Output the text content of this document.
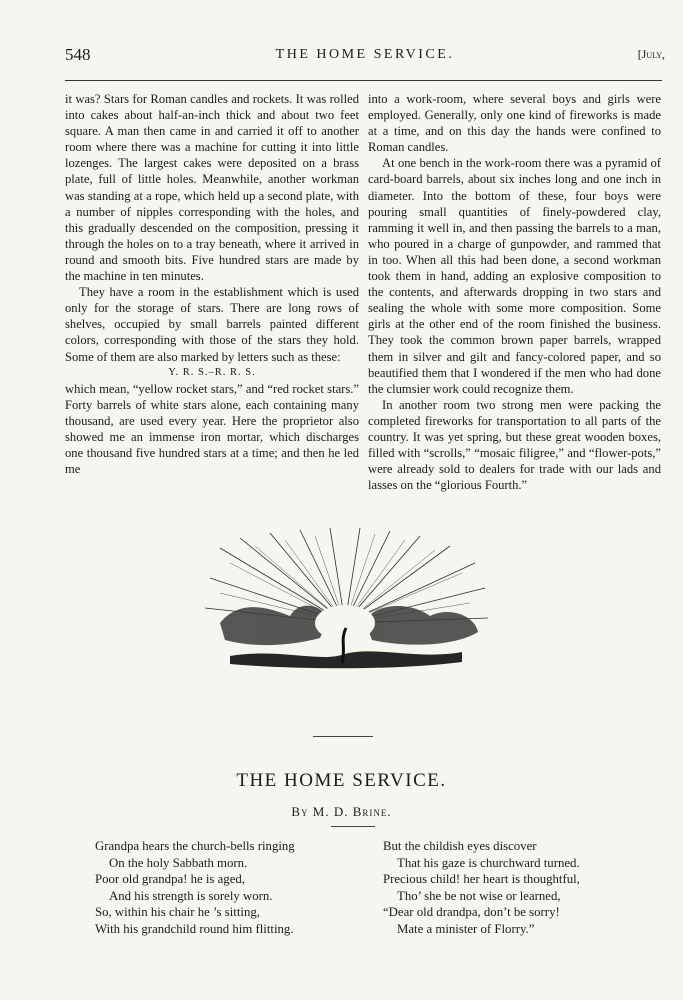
548	THE HOME SERVICE.	[July,

it was? Stars for Roman candles and rockets. It was rolled into cakes about half-an-inch thick and about two feet square. A man then came in and carried it off to another room where there was a machine for cutting it into little lozenges. The largest cakes were deposited on a brass plate, full of little holes. Meanwhile, another workman was standing at a rope, which held up a second plate, with a number of nipples corresponding with the holes, and this gradually descended on the composition, pressing it through the holes on to a tray beneath, where it arrived in round and smooth bits. Five hundred stars are made by the machine in ten minutes.

They have a room in the establishment which is used only for the storage of stars. There are long rows of shelves, occupied by small barrels painted different colors, corresponding with those of the stars they hold. Some of them are also marked by letters such as these:

Y. R. S.–R. R. S.

which mean, “yellow rocket stars,” and “red rocket stars.” Forty barrels of white stars alone, each containing many thousand, are used every year. Here the proprietor also showed me an immense iron mortar, which discharges one thousand five hundred stars at a time; and then he led me

into a work-room, where several boys and girls were employed. Generally, only one kind of fireworks is made at a time, and on this day the hands were confined to Roman candles.

At one bench in the work-room there was a pyramid of card-board barrels, about six inches long and one inch in diameter. Into the bottom of these, four boys were pouring small quantities of finely-powdered clay, ramming it well in, and then passing the barrels to a man, who poured in a charge of gunpowder, and rammed that in too. When all this had been done, a second workman took them in hand, adding an explosive composition to the contents, and afterwards dropping in two stars and sealing the whole with some more composition. Some girls at the other end of the room finished the business. They took the common brown paper barrels, wrapped them in silver and gilt and fancy-colored paper, and so beautified them that I wondered if the men who had done the clumsier work could recognize them.

In another room two strong men were packing the completed fireworks for transportation to all parts of the country. It was yet spring, but these great wooden boxes, filled with “scrolls,” “mosaic filigree,” and “flower-pots,” were already sold to dealers for trade with our lads and lasses on the “glorious Fourth.”

THE HOME SERVICE.
By M. D. Brine.
Grandpa hears the church-bells ringing
On the holy Sabbath morn.
Poor old grandpa! he is aged,
And his strength is sorely worn.
So, within his chair he ’s sitting,
With his grandchild round him flitting.
But the childish eyes discover
That his gaze is churchward turned.
Precious child! her heart is thoughtful,
Tho’ she be not wise or learned,
“Dear old drandpa, don’t be sorry!
Mate a minister of Florry.”
